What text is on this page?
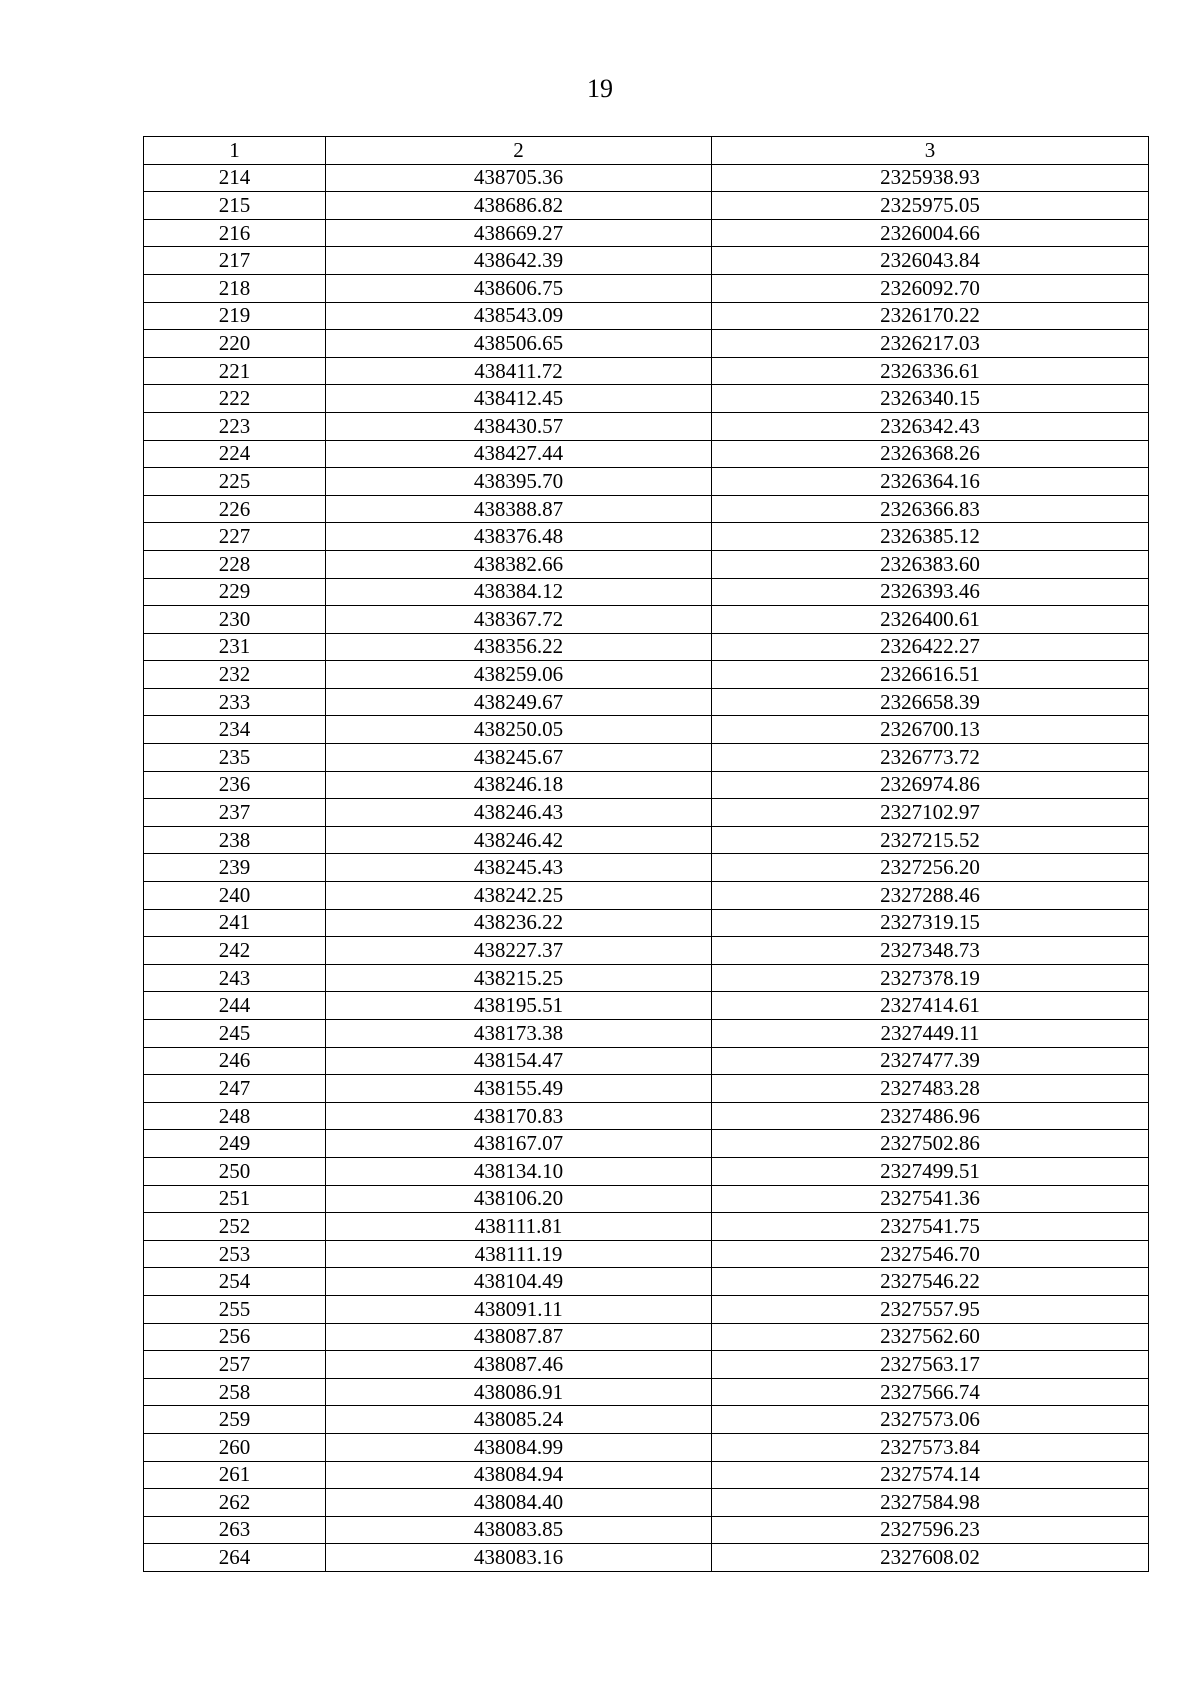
19
1	2	3
214	438705.36	2325938.93
215	438686.82	2325975.05
216	438669.27	2326004.66
217	438642.39	2326043.84
218	438606.75	2326092.70
219	438543.09	2326170.22
220	438506.65	2326217.03
221	438411.72	2326336.61
222	438412.45	2326340.15
223	438430.57	2326342.43
224	438427.44	2326368.26
225	438395.70	2326364.16
226	438388.87	2326366.83
227	438376.48	2326385.12
228	438382.66	2326383.60
229	438384.12	2326393.46
230	438367.72	2326400.61
231	438356.22	2326422.27
232	438259.06	2326616.51
233	438249.67	2326658.39
234	438250.05	2326700.13
235	438245.67	2326773.72
236	438246.18	2326974.86
237	438246.43	2327102.97
238	438246.42	2327215.52
239	438245.43	2327256.20
240	438242.25	2327288.46
241	438236.22	2327319.15
242	438227.37	2327348.73
243	438215.25	2327378.19
244	438195.51	2327414.61
245	438173.38	2327449.11
246	438154.47	2327477.39
247	438155.49	2327483.28
248	438170.83	2327486.96
249	438167.07	2327502.86
250	438134.10	2327499.51
251	438106.20	2327541.36
252	438111.81	2327541.75
253	438111.19	2327546.70
254	438104.49	2327546.22
255	438091.11	2327557.95
256	438087.87	2327562.60
257	438087.46	2327563.17
258	438086.91	2327566.74
259	438085.24	2327573.06
260	438084.99	2327573.84
261	438084.94	2327574.14
262	438084.40	2327584.98
263	438083.85	2327596.23
264	438083.16	2327608.02
